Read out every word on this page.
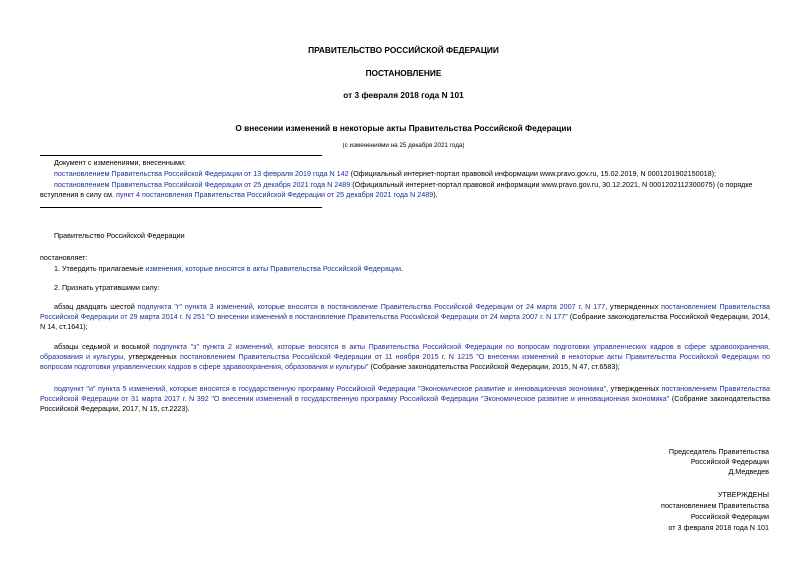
ПРАВИТЕЛЬСТВО РОССИЙСКОЙ ФЕДЕРАЦИИ
ПОСТАНОВЛЕНИЕ
от 3 февраля 2018 года N 101
О внесении изменений в некоторые акты Правительства Российской Федерации
(с изменениями на 25 декабря 2021 года)
Документ с изменениями, внесенными:
постановлением Правительства Российской Федерации от 13 февраля 2019 года N 142 (Официальный интернет-портал правовой информации www.pravo.gov.ru, 15.02.2019, N 0001201902150018);
постановлением Правительства Российской Федерации от 25 декабря 2021 года N 2489 (Официальный интернет-портал правовой информации www.pravo.gov.ru, 30.12.2021, N 0001202112300075) (о порядке вступления в силу см. пункт 4 постановления Правительства Российской Федерации от 25 декабря 2021 года N 2489).
Правительство Российской Федерации
постановляет:
1. Утвердить прилагаемые изменения, которые вносятся в акты Правительства Российской Федерации.
2. Признать утратившими силу:
абзац двадцать шестой подпункта "г" пункта 3 изменений, которые вносятся в постановление Правительства Российской Федерации от 24 марта 2007 г. N 177, утвержденных постановлением Правительства Российской Федерации от 29 марта 2014 г. N 251 "О внесении изменений в постановление Правительства Российской Федерации от 24 марта 2007 г. N 177" (Собрание законодательства Российской Федерации, 2014, N 14, ст.1641);
абзацы седьмой и восьмой подпункта "з" пункта 2 изменений, которые вносятся в акты Правительства Российской Федерации по вопросам подготовки управленческих кадров в сфере здравоохранения, образования и культуры, утвержденных постановлением Правительства Российской Федерации от 11 ноября 2015 г. N 1215 "О внесении изменений в некоторые акты Правительства Российской Федерации по вопросам подготовки управленческих кадров в сфере здравоохранения, образования и культуры" (Собрание законодательства Российской Федерации, 2015, N 47, ст.6583);
подпункт "и" пункта 5 изменений, которые вносятся в государственную программу Российской Федерации "Экономическое развитие и инновационная экономика", утвержденных постановлением Правительства Российской Федерации от 31 марта 2017 г. N 392 "О внесении изменений в государственную программу Российской Федерации "Экономическое развитие и инновационная экономика" (Собрание законодательства Российской Федерации, 2017, N 15, ст.2223).
Председатель Правительства
Российской Федерации
Д.Медведев
УТВЕРЖДЕНЫ
постановлением Правительства
Российской Федерации
от 3 февраля 2018 года N 101
